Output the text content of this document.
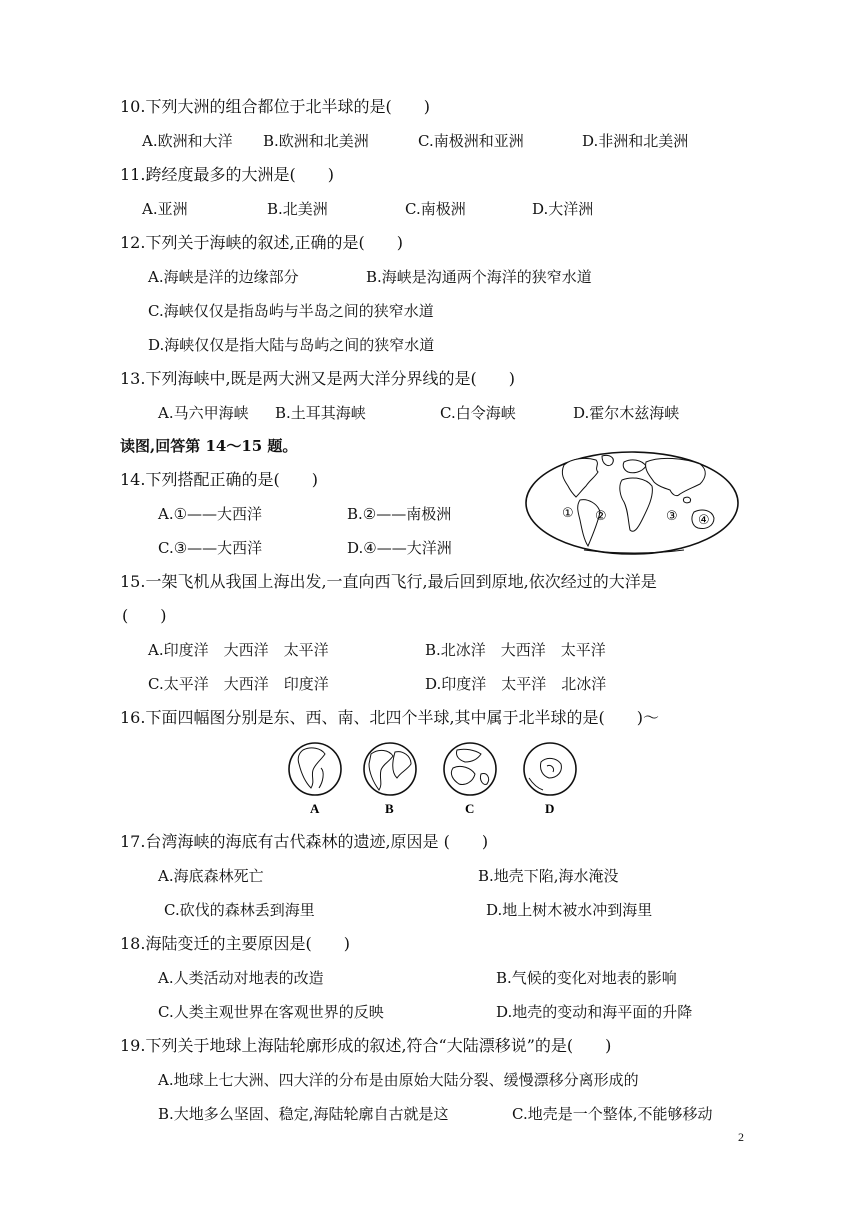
10.下列大洲的组合都位于北半球的是(　　)
A.欧洲和大洋 B.欧洲和北美洲	C.南极洲和亚洲	D.非洲和北美洲
11.跨经度最多的大洲是(　　)
A.亚洲	B.北美洲	C.南极洲	D.大洋洲
12.下列关于海峡的叙述,正确的是(　　)
A.海峡是洋的边缘部分	B.海峡是沟通两个海洋的狭窄水道
C.海峡仅仅是指岛屿与半岛之间的狭窄水道
D.海峡仅仅是指大陆与岛屿之间的狭窄水道
13.下列海峡中,既是两大洲又是两大洋分界线的是(　　)
A.马六甲海峡 B.土耳其海峡	C.白令海峡	D.霍尔木兹海峡
读图,回答第 14～15 题。
14.下列搭配正确的是(　　)
A.①——大西洋	B.②——南极洲
C.③——大西洋	D.④——大洋洲
① ②	③ ④
15.一架飞机从我国上海出发,一直向西飞行,最后回到原地,依次经过的大洋是
(　　)
A.印度洋　大西洋　太平洋	B.北冰洋　大西洋　太平洋
C.太平洋　大西洋　印度洋	D.印度洋　太平洋　北冰洋
16.下面四幅图分别是东、西、南、北四个半球,其中属于北半球的是(　　)～
A	B	C	D
17.台湾海峡的海底有古代森林的遗迹,原因是 (　　)
A.海底森林死亡	B.地壳下陷,海水淹没
C.砍伐的森林丢到海里	D.地上树木被水冲到海里
18.海陆变迁的主要原因是(　　)
A.人类活动对地表的改造	B.气候的变化对地表的影响
C.人类主观世界在客观世界的反映	D.地壳的变动和海平面的升降
19.下列关于地球上海陆轮廓形成的叙述,符合“大陆漂移说”的是(　　)
A.地球上七大洲、四大洋的分布是由原始大陆分裂、缓慢漂移分离形成的
B.大地多么坚固、稳定,海陆轮廓自古就是这	C.地壳是一个整体,不能够移动
2
